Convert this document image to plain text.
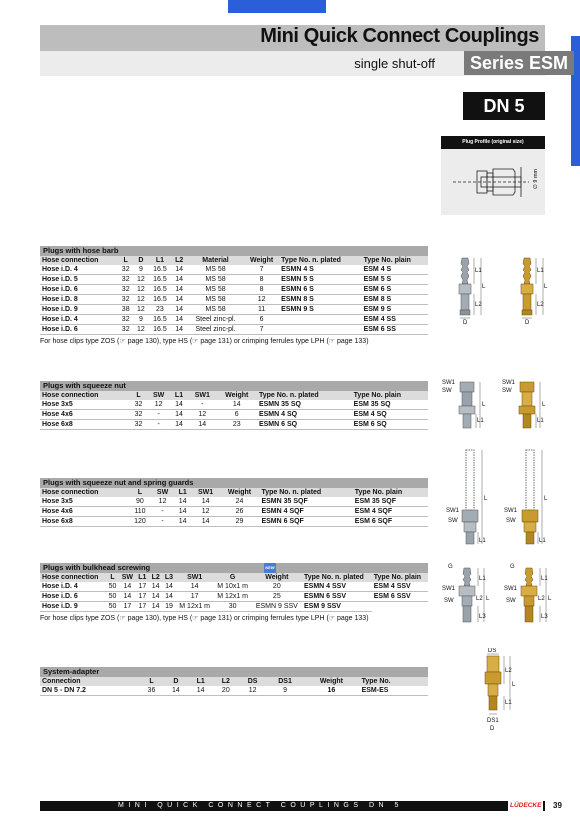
Mini Quick Connect Couplings
single shut-off	Series ESM
DN 5
Plug Profile (original size)
∅ 9 mm
Plugs with hose barb
Hose connection	L	D	L1	L2	Material	Weight	Type No. n. plated	Type No. plain
Hose i.D. 4	32	9	16.5	14	MS 58	7	ESMN 4 S	ESM 4 S
Hose i.D. 5	32	12	16.5	14	MS 58	8	ESMN 5 S	ESM 5 S
Hose i.D. 6	32	12	16.5	14	MS 58	8	ESMN 6 S	ESM 6 S
Hose i.D. 8	32	12	16.5	14	MS 58	12	ESMN 8 S	ESM 8 S
Hose i.D. 9	38	12	23	14	MS 58	11	ESMN 9 S	ESM 9 S
Hose i.D. 4	32	9	16.5	14	Steel zinc-pl.	6		ESM 4 SS
Hose i.D. 6	32	12	16.5	14	Steel zinc-pl.	7		ESM 6 SS
For hose clips type ZOS (☞ page 130), type HS (☞ page 131) or crimping ferrules type LPH (☞ page 133)
Plugs with squeeze nut
Hose connection	L	SW	L1	SW1	Weight	Type No. n. plated	Type No. plain
Hose 3x5	32	12	14	-	14	ESMN 35 SQ	ESM 35 SQ
Hose 4x6	32	-	14	12	6	ESMN 4 SQ	ESM 4 SQ
Hose 6x8	32	-	14	14	23	ESMN 6 SQ	ESM 6 SQ
Plugs with squeeze nut and spring guards
Hose connection	L	SW	L1	SW1	Weight	Type No. n. plated	Type No. plain
Hose 3x5	90	12	14	14	24	ESMN 35 SQF	ESM 35 SQF
Hose 4x6	110	-	14	12	26	ESMN 4 SQF	ESM 4 SQF
Hose 6x8	120	-	14	14	29	ESMN 6 SQF	ESM 6 SQF
Plugs with bulkhead screwing	NEW
Hose connection	L	SW	L1	L2	L3	SW1	G	Weight	Type No. n. plated	Type No. plain
Hose i.D. 4	50	14	17	14	14	14	M 10x1 m	20	ESMN 4 SSV	ESM 4 SSV
Hose i.D. 6	50	14	17	14	14	17	M 12x1 m	25	ESMN 6 SSV	ESM 6 SSV
Hose i.D. 9	50	17	17	14	19	M 12x1 m	30	ESMN 9 SSV	ESM 9 SSV	
For hose clips type ZOS (☞ page 130), type HS (☞ page 131) or crimping ferrules type LPH (☞ page 133)
System-adapter
Connection	L	D	L1	L2	DS	DS1	Weight	Type No.
DN 5 - DN 7.2	36	14	14	20	12	9	16	ESM-ES
L1
L
L2
D
L1
L
L2
D
SW1
SW
L
L1
SW1
SW
L
L1
SW1
SW
L
L1
SW1
SW
L
L1
G
SW1
SW
L1
L2 L
L3
G
SW1
SW
L1
L2 L
L3
DS
L2
L
L1
DS1
D
MINI QUICK CONNECT COUPLINGS DN 5	LÜDECKE 39
